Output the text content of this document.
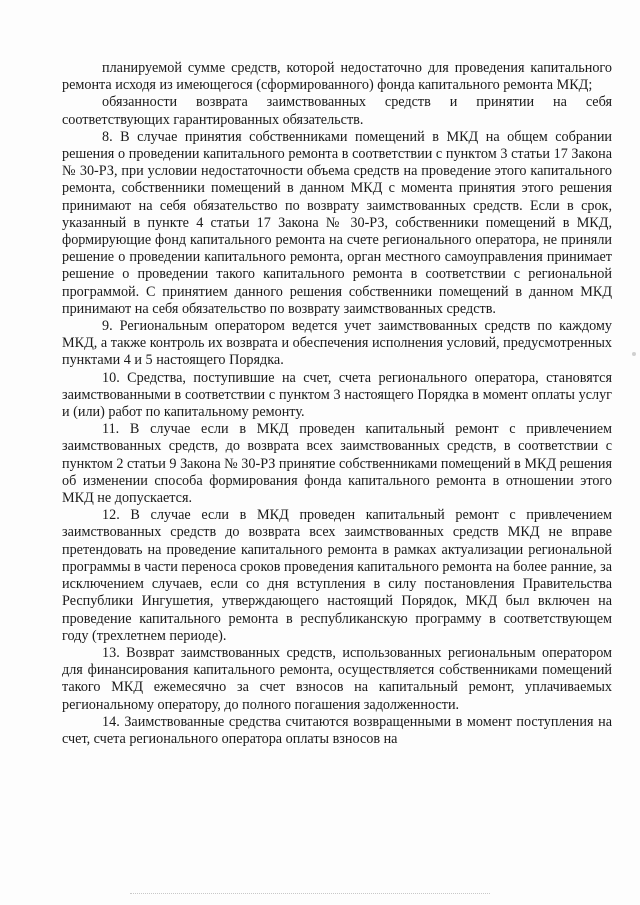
планируемой сумме средств, которой недостаточно для проведения капитального ремонта исходя из имеющегося (сформированного) фонда капитального ремонта МКД;

обязанности возврата заимствованных средств и принятии на себя соответствующих гарантированных обязательств.

8. В случае принятия собственниками помещений в МКД на общем собрании решения о проведении капитального ремонта в соответствии с пунктом 3 статьи 17 Закона № 30-РЗ, при условии недостаточности объема средств на проведение этого капитального ремонта, собственники помещений в данном МКД с момента принятия этого решения принимают на себя обязательство по возврату заимствованных средств. Если в срок, указанный в пункте 4 статьи 17 Закона № 30-РЗ, собственники помещений в МКД, формирующие фонд капитального ремонта на счете регионального оператора, не приняли решение о проведении капитального ремонта, орган местного самоуправления принимает решение о проведении такого капитального ремонта в соответствии с региональной программой. С принятием данного решения собственники помещений в данном МКД принимают на себя обязательство по возврату заимствованных средств.

9. Региональным оператором ведется учет заимствованных средств по каждому МКД, а также контроль их возврата и обеспечения исполнения условий, предусмотренных пунктами 4 и 5 настоящего Порядка.

10. Средства, поступившие на счет, счета регионального оператора, становятся заимствованными в соответствии с пунктом 3 настоящего Порядка в момент оплаты услуг и (или) работ по капитальному ремонту.

11. В случае если в МКД проведен капитальный ремонт с привлечением заимствованных средств, до возврата всех заимствованных средств, в соответствии с пунктом 2 статьи 9 Закона № 30-РЗ принятие собственниками помещений в МКД решения об изменении способа формирования фонда капитального ремонта в отношении этого МКД не допускается.

12. В случае если в МКД проведен капитальный ремонт с привлечением заимствованных средств до возврата всех заимствованных средств МКД не вправе претендовать на проведение капитального ремонта в рамках актуализации региональной программы в части переноса сроков проведения капитального ремонта на более ранние, за исключением случаев, если со дня вступления в силу постановления Правительства Республики Ингушетия, утверждающего настоящий Порядок, МКД был включен на проведение капитального ремонта в республиканскую программу в соответствующем году (трехлетнем периоде).

13. Возврат заимствованных средств, использованных региональным оператором для финансирования капитального ремонта, осуществляется собственниками помещений такого МКД ежемесячно за счет взносов на капитальный ремонт, уплачиваемых региональному оператору, до полного погашения задолженности.

14. Заимствованные средства считаются возвращенными в момент поступления на счет, счета регионального оператора оплаты взносов на
